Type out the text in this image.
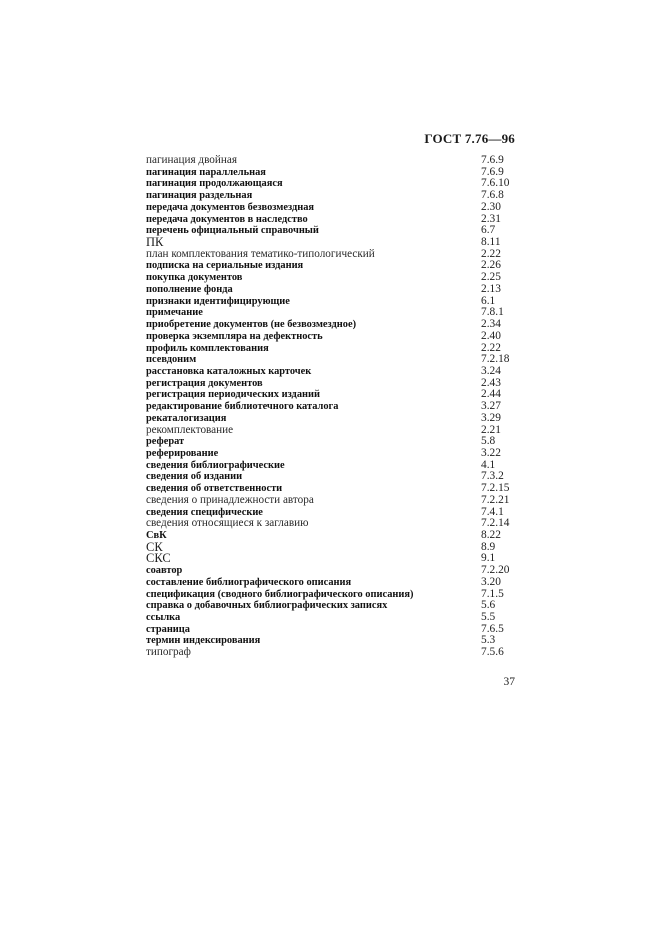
ГОСТ 7.76—96
пагинация двойная	7.6.9
пагинация параллельная	7.6.9
пагинация продолжающаяся	7.6.10
пагинация раздельная	7.6.8
передача документов безвозмездная	2.30
передача документов в наследство	2.31
перечень официальный справочный	6.7
ПК	8.11
план комплектования тематико-типологический	2.22
подписка на сериальные издания	2.26
покупка документов	2.25
пополнение фонда	2.13
признаки идентифицирующие	6.1
примечание	7.8.1
приобретение документов (не безвозмездное)	2.34
проверка экземпляра на дефектность	2.40
профиль комплектования	2.22
псевдоним	7.2.18
расстановка каталожных карточек	3.24
регистрация документов	2.43
регистрация периодических изданий	2.44
редактирование библиотечного каталога	3.27
рекаталогизация	3.29
рекомплектование	2.21
реферат	5.8
реферирование	3.22
сведения библиографические	4.1
сведения об издании	7.3.2
сведения об ответственности	7.2.15
сведения о принадлежности автора	7.2.21
сведения специфические	7.4.1
сведения относящиеся к заглавию	7.2.14
СвК	8.22
СК	8.9
СКС	9.1
соавтор	7.2.20
составление библиографического описания	3.20
спецификация (сводного библиографического описания)	7.1.5
справка о добавочных библиографических записях	5.6
ссылка	5.5
страница	7.6.5
термин индексирования	5.3
типограф	7.5.6
37
